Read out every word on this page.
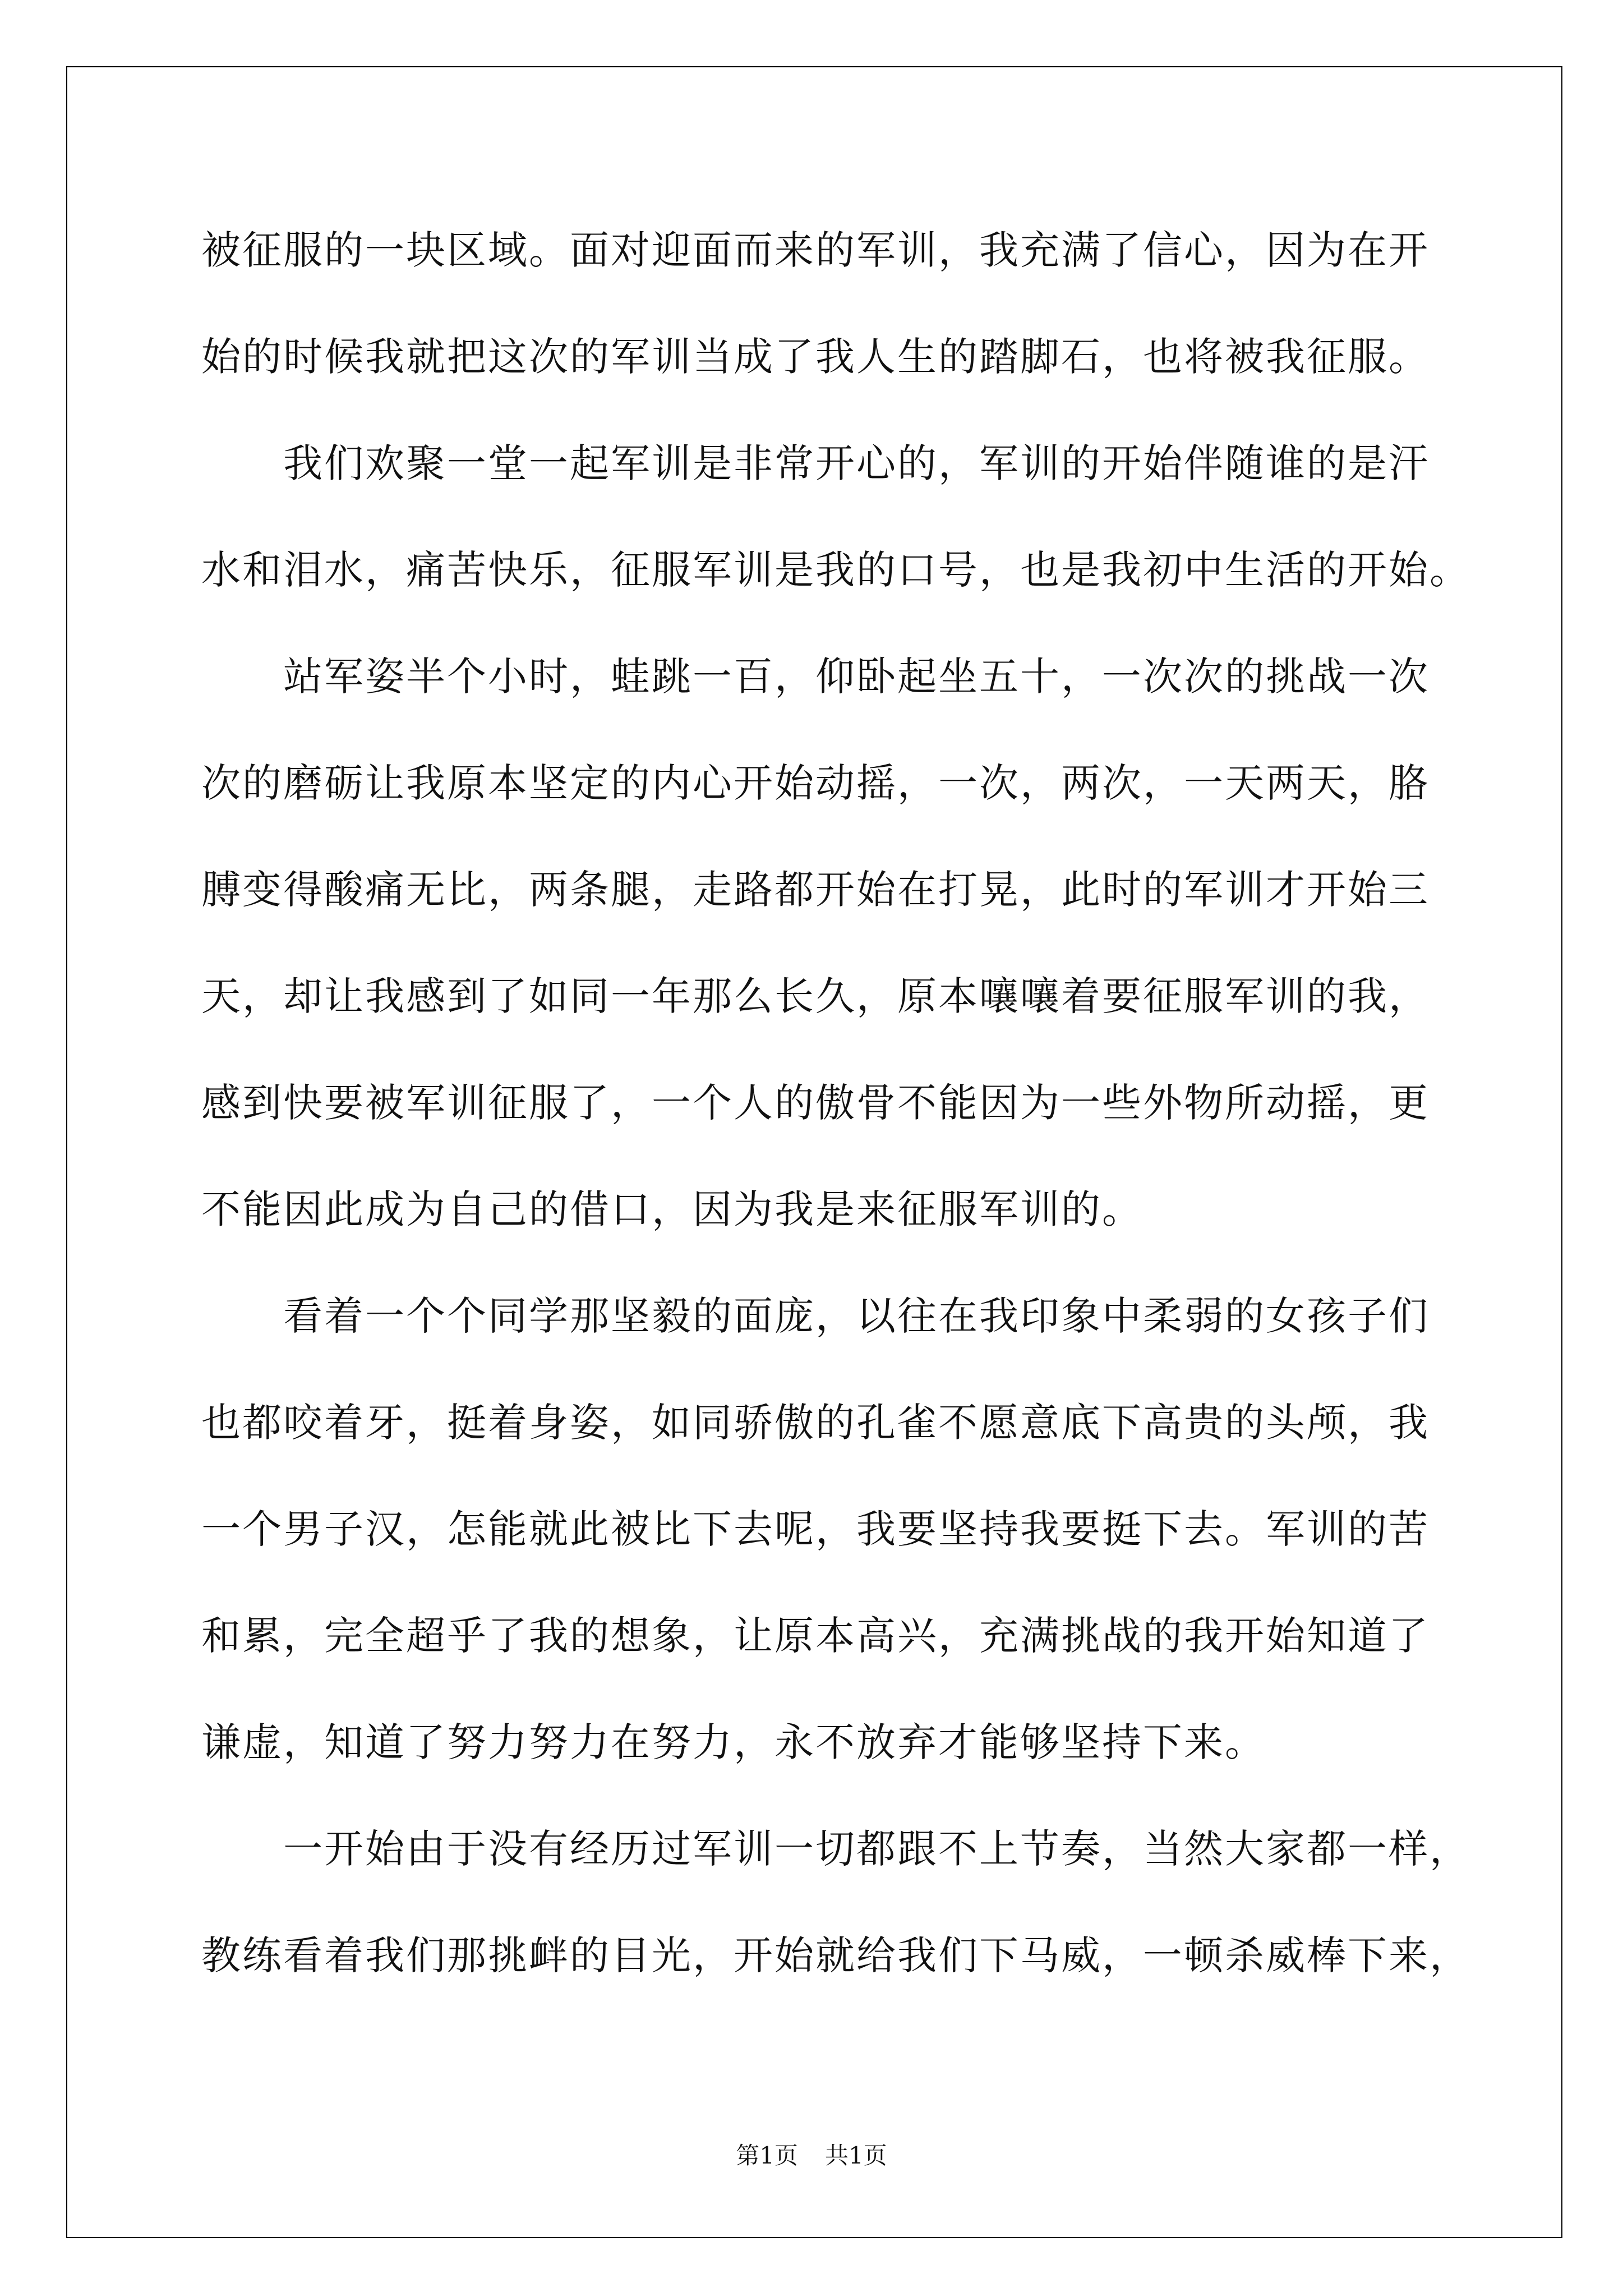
被征服的一块区域。面对迎面而来的军训，我充满了信心，因为在开
始的时候我就把这次的军训当成了我人生的踏脚石，也将被我征服。
我们欢聚一堂一起军训是非常开心的，军训的开始伴随谁的是汗
水和泪水，痛苦快乐，征服军训是我的口号，也是我初中生活的开始。
站军姿半个小时，蛙跳一百，仰卧起坐五十，一次次的挑战一次
次的磨砺让我原本坚定的内心开始动摇，一次，两次，一天两天，胳
膊变得酸痛无比，两条腿，走路都开始在打晃，此时的军训才开始三
天，却让我感到了如同一年那么长久，原本嚷嚷着要征服军训的我，
感到快要被军训征服了，一个人的傲骨不能因为一些外物所动摇，更
不能因此成为自己的借口，因为我是来征服军训的。
看着一个个同学那坚毅的面庞，以往在我印象中柔弱的女孩子们
也都咬着牙，挺着身姿，如同骄傲的孔雀不愿意底下高贵的头颅，我
一个男子汉，怎能就此被比下去呢，我要坚持我要挺下去。军训的苦
和累，完全超乎了我的想象，让原本高兴，充满挑战的我开始知道了
谦虚，知道了努力努力在努力，永不放弃才能够坚持下来。
一开始由于没有经历过军训一切都跟不上节奏，当然大家都一样，
教练看着我们那挑衅的目光，开始就给我们下马威，一顿杀威棒下来，
第1页 共1页
